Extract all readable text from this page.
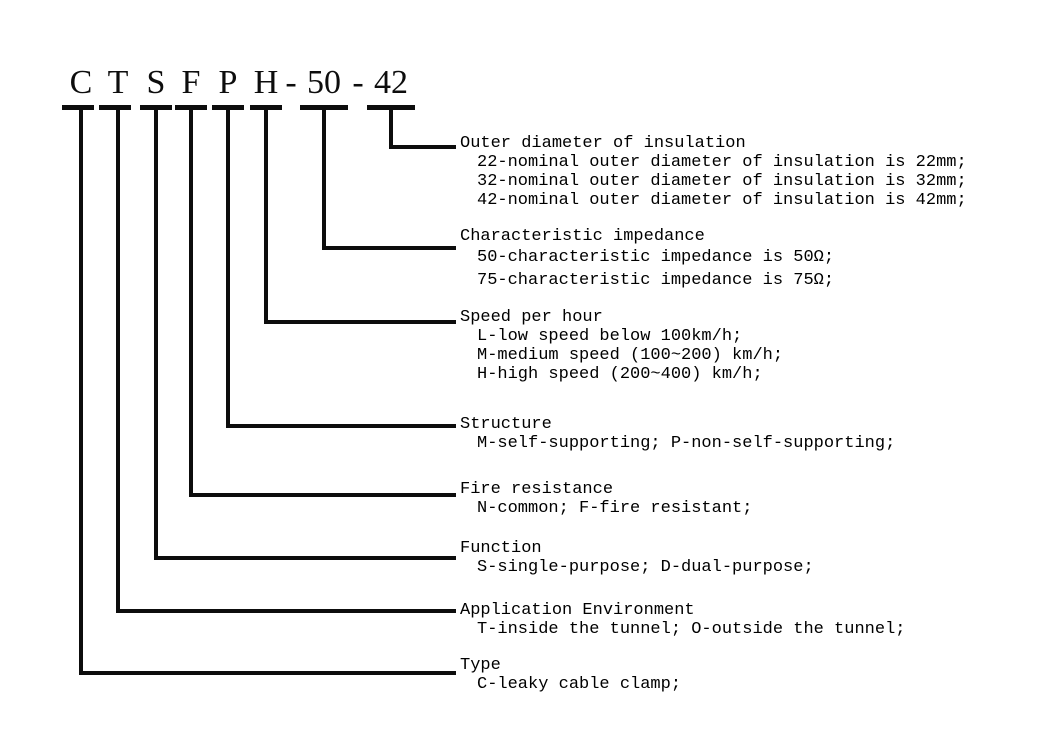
C T S F P H - 50 - 42
Outer diameter of insulation
22-nominal outer diameter of insulation is 22mm;
32-nominal outer diameter of insulation is 32mm;
42-nominal outer diameter of insulation is 42mm;
Characteristic impedance
50-characteristic impedance is 50Ω;
75-characteristic impedance is 75Ω;
Speed per hour
L-low speed below 100km/h;
M-medium speed (100~200) km/h;
H-high speed (200~400) km/h;
Structure
M-self-supporting; P-non-self-supporting;
Fire resistance
N-common; F-fire resistant;
Function
S-single-purpose; D-dual-purpose;
Application Environment
T-inside the tunnel; O-outside the tunnel;
Type
C-leaky cable clamp;
